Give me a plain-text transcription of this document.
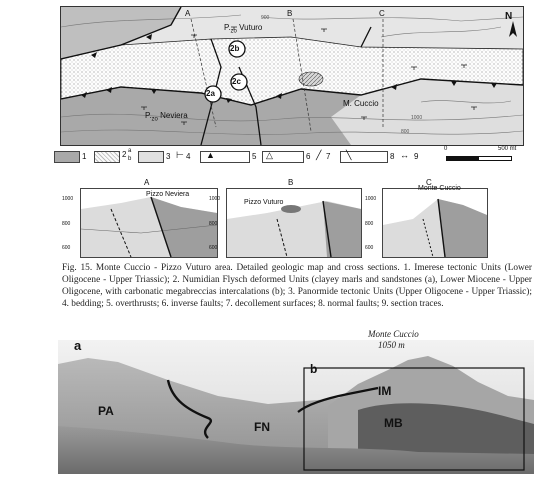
N
A	B	C
$P._{zo}$ Vuturo
M. Cuccio
$P._{zo}$ Neviera
2b
2a
2c
1000
900
800
1	2 a
b	3 ⊢ 4 ▲	5 △	6 ╱ 7 ╲	8 ↔ 9
0	500 mt
A
Pizzo Neviera
1000
800
600
B
Pizzo Vuturo
1000
800
600
C
Monte Cuccio
1000
800
600

Fig. 15. Monte Cuccio - Pizzo Vuturo area. Detailed geologic map and cross sections. 1. Imerese tectonic Units (Lower Oligocene - Upper Triassic); 2. Numidian Flysch deformed Units (clayey marls and sandstones (a), Lower Miocene - Upper Oligocene, with carbonatic megabreccias intercalations (b); 3. Panormide tectonic Units (Upper Oligocene - Upper Triassic); 4. bedding; 5. overthrusts; 6. inverse faults; 7. decollement surfaces; 8. normal faults; 9. section traces.

a
b
PA
FN
IM
MB
Monte Cuccio
1050 m
